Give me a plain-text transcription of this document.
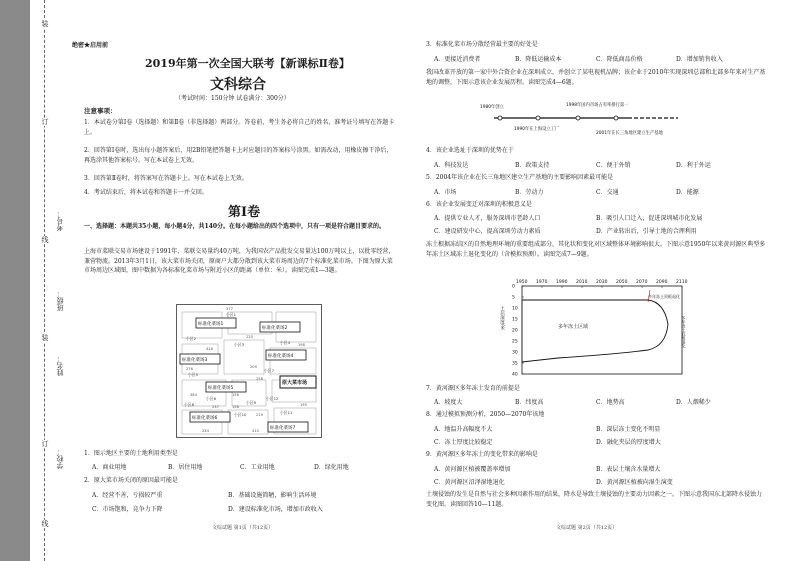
装
订
线
装
订
线
学校：
姓名：
班级：
考号：
绝密★启用前
2019年第一次全国大联考【新课标Ⅱ卷】
文科综合
（考试时间：150分钟 试卷满分：300分）
注意事项：
1．本试卷分第Ⅰ卷（选择题）和第Ⅱ卷（非选择题）两部分。答卷前，考生务必将自己的姓名、准考证号填写在答题卡上。
2．回答第Ⅰ卷时，选出每小题答案后，用2B铅笔把答题卡上对应题目的答案标号涂黑。如需改动，用橡皮擦干净后，再选涂其他答案标号。写在本试卷上无效。
3．回答第Ⅱ卷时，将答案写在答题卡上。写在本试卷上无效。
4．考试结束后，将本试卷和答题卡一并交回。
第Ⅰ卷
一、选择题：本题共35小题，每小题4分，共140分。在每小题给出的四个选项中，只有一项是符合题目要求的。
上海市菜联交易市场建设于1991年，菜联交易量约40万吨，为我国农产品批发交易量达100万吨以上，以批零经营，兼营物流，2013年3月1日，该大菜市场关闭，原商户大都分散到该大菜市场周边的7个标准化菜市场。下图为原大菜市场周边区域图，图中数据为各标准化菜市场与附近小区的距离（单位：米）。读图完成1—3题。
标准化菜场1
标准化菜场2
标准化菜场3
标准化菜场4
标准化菜场5
标准化菜场6
标准化菜场7
原大菜市场
小区1
小区2
小区3	小区4
小区5
小区6
小区7
小区8	小区9
小区10	小区11
小区12
377
220
198
276
416
209
258
384
237	158
156
219
195
234	410
1．图示地区主要的土地利用类型是
A．商业用地	B．居住用地	C．工业用地	D．绿化用地
2．原大菜市场关闭的原因最可能是
A．经营不善，亏损较严重	B．基础设施简陋，影响生活环境
C．市场饱和，竞争力下降	D．建设标准化市场，增加市政收入
文综试题 第1页（共12页）
3．标准化菜市场分散经营最主要的好处是
A．更接近消费者	B．降低运输成本	C．降低商品价格	D．增加销售收入
我国改革开放的第一家中外合资企业在深圳成立，并创立了某电视机品牌；该企业于2010年实现深圳总部和北部多年来对生产基地的调整，下图示意该企业发展历程。读图完成4—6题。
1980年创立	1998年国内市场占有率排行第一
1990年在上海设立工厂
2001年在长三角地区建立生产基地
4．该企业选址于深圳的优势在于
A．科技发达	B．政策支持	C．便于外销	D．利于外运
5．2004年该企业在长三角地区建立生产基地的主要影响因素最可能是
A．市场	B．劳动力	C．交通	D．能源
6．该企业发展变迁对深圳的积极意义是
A．提供专业人才，服务深圳市老龄人口	B．吸引人口迁入，促进深圳城市化发展
C．建设研发中心，提高深圳劳动力素质	D．产业转出后，引导土地的合理利用
冻土根据冻结区的自然地理环境的重要组成部分，其化状和变化对区域整体环境影响很大。下图示意1950年以来黄河源区典型多年冻土区域冻土退化变化的（含模拟预测）。读图完成7—9题。
1950 1970 1990 2010 2030 2050 2070 2090 2110
0
5
10
15
20
25
30
35
40
多年冻土区域
土层深度/米
多年冻土顶板退化
多年冻土底板退化
7．黄河源区多年冻土发育的前提是
A．坡度大	B．纬度高	C．地势高	D．人烟稀少
8．通过模拟预测分析，2050—2070年该地
A．地温升高幅度不大	B．深层冻土变化不明显
C．冻土厚度比较稳定	D．融化夹层的厚度增大
9．黄河源区多年冻土的变化带来的影响是
A．黄河源区植被覆盖率增加	B．表层土壤含水量增大
C．黄河源区沼泽湿地退化	D．黄河源区植被向湿生演变
土壤侵蚀的发生是自然与社会多种因素作用的结果，降水是导致土壤侵蚀的主要动力因素之一。下图示意我国东北部降水侵蚀力变化图。读图回答10—11题。
文综试题 第2页（共12页）
